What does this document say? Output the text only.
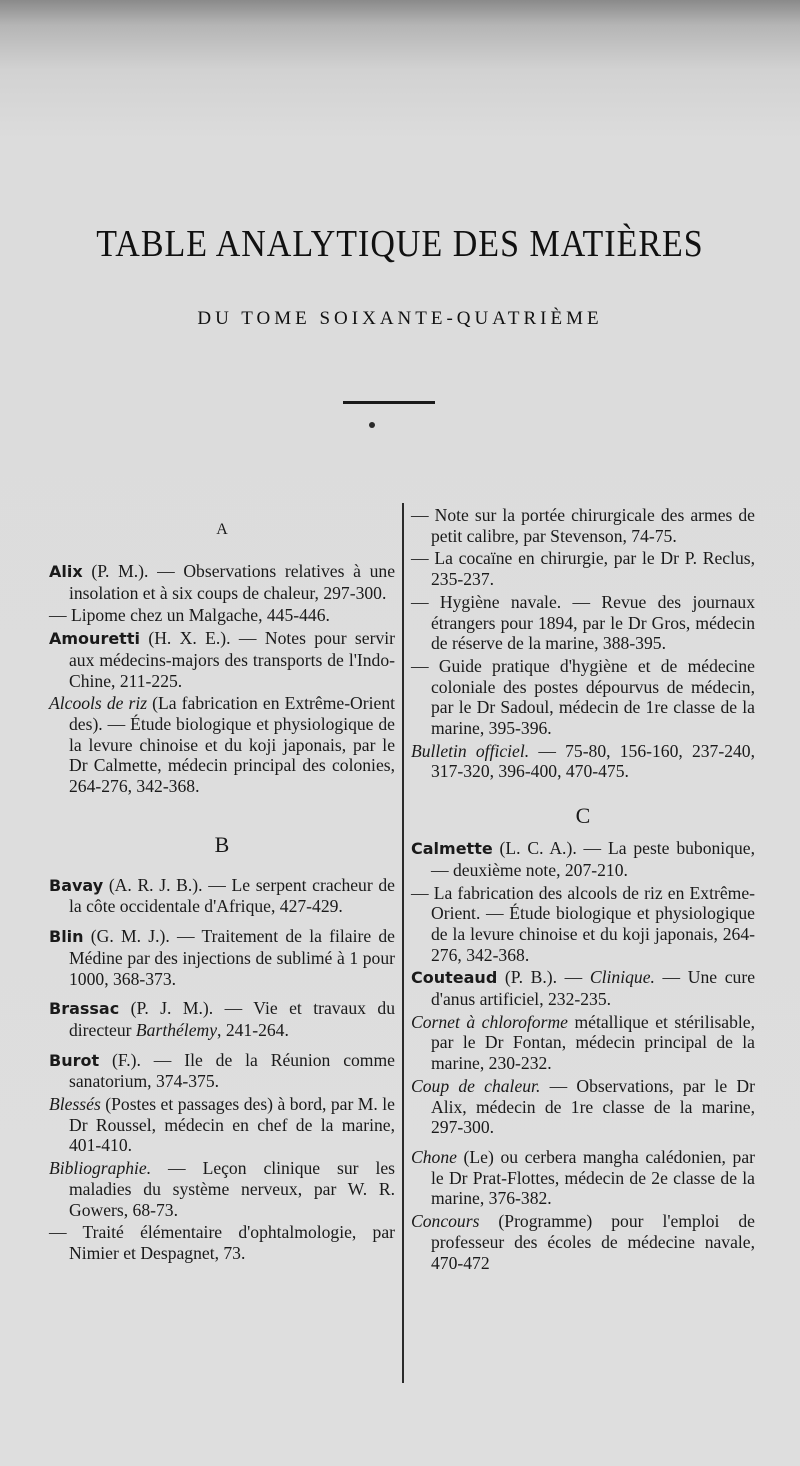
TABLE ANALYTIQUE DES MATIÈRES
DU TOME SOIXANTE-QUATRIÈME
A
Alix (P. M.). — Observations relatives à une insolation et à six coups de chaleur, 297-300.
— Lipome chez un Malgache, 445-446.
Amouretti (H. X. E.). — Notes pour servir aux médecins-majors des transports de l'Indo-Chine, 211-225.
Alcools de riz (La fabrication en Extrême-Orient des). — Étude biologique et physiologique de la levure chinoise et du koji japonais, par le Dr Calmette, médecin principal des colonies, 264-276, 342-368.
B
Bavay (A. R. J. B.). — Le serpent cracheur de la côte occidentale d'Afrique, 427-429.
Blin (G. M. J.). — Traitement de la filaire de Médine par des injections de sublimé à 1 pour 1000, 368-373.
Brassac (P. J. M.). — Vie et travaux du directeur Barthélemy, 241-264.
Burot (F.). — Ile de la Réunion comme sanatorium, 374-375.
Blessés (Postes et passages des) à bord, par M. le Dr Roussel, médecin en chef de la marine, 401-410.
Bibliographie. — Leçon clinique sur les maladies du système nerveux, par W. R. Gowers, 68-73.
— Traité élémentaire d'ophtalmologie, par Nimier et Despagnet, 73.
— Note sur la portée chirurgicale des armes de petit calibre, par Stevenson, 74-75.
— La cocaïne en chirurgie, par le Dr P. Reclus, 235-237.
— Hygiène navale. — Revue des journaux étrangers pour 1894, par le Dr Gros, médecin de réserve de la marine, 388-395.
— Guide pratique d'hygiène et de médecine coloniale des postes dépourvus de médecin, par le Dr Sadoul, médecin de 1re classe de la marine, 395-396.
Bulletin officiel. — 75-80, 156-160, 237-240, 317-320, 396-400, 470-475.
C
Calmette (L. C. A.). — La peste bubonique, — deuxième note, 207-210.
— La fabrication des alcools de riz en Extrême-Orient. — Étude biologique et physiologique de la levure chinoise et du koji japonais, 264-276, 342-368.
Couteaud (P. B.). — Clinique. — Une cure d'anus artificiel, 232-235.
Cornet à chloroforme métallique et stérilisable, par le Dr Fontan, médecin principal de la marine, 230-232.
Coup de chaleur. — Observations, par le Dr Alix, médecin de 1re classe de la marine, 297-300.
Chone (Le) ou cerbera mangha calédonien, par le Dr Prat-Flottes, médecin de 2e classe de la marine, 376-382.
Concours (Programme) pour l'emploi de professeur des écoles de médecine navale, 470-472
